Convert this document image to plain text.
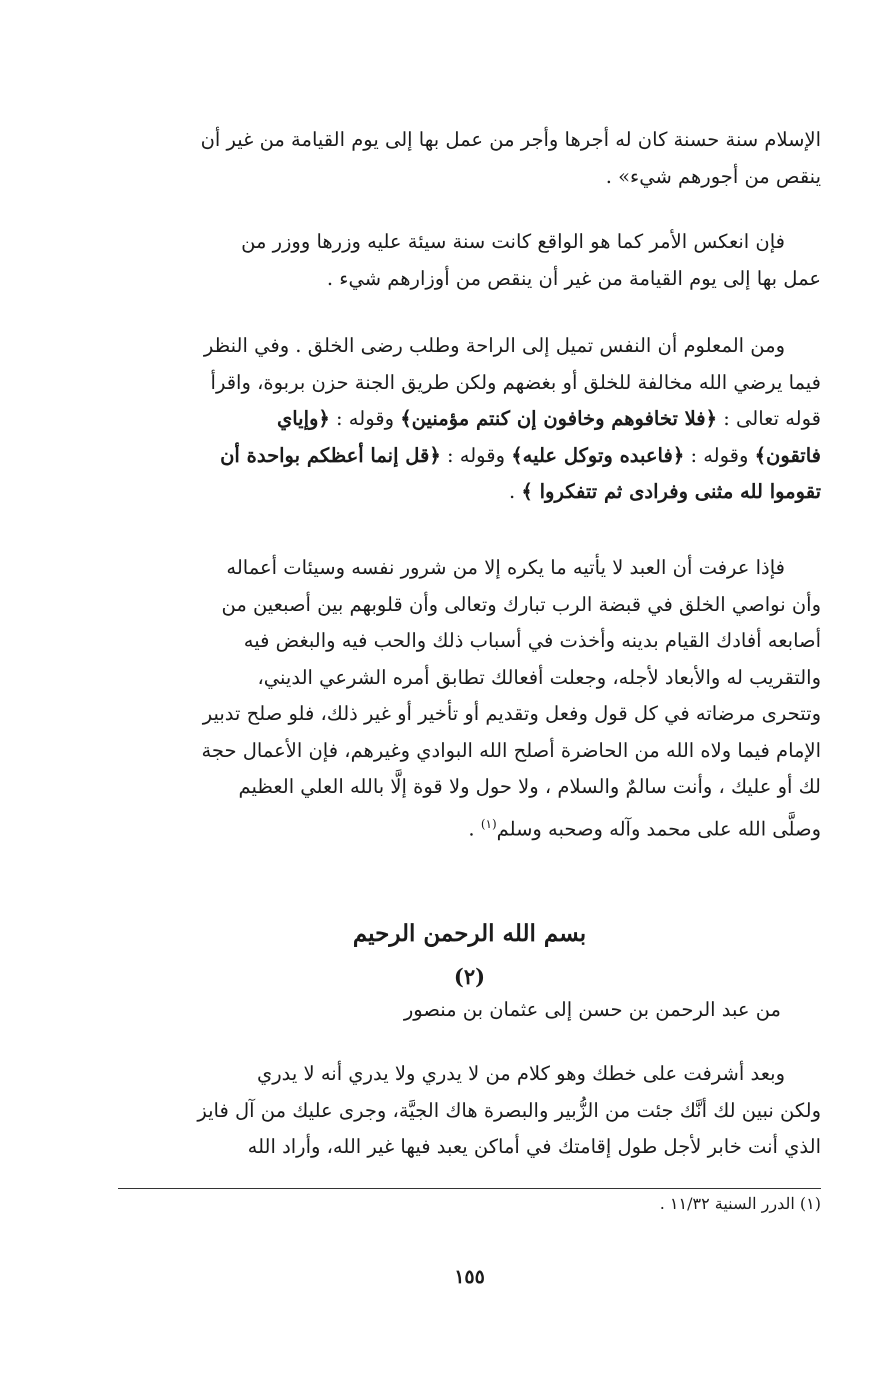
الإسلام سنة حسنة كان له أجرها وأجر من عمل بها إلى يوم القيامة من غير أن
ينقص من أجورهم شيء» .

فإن انعكس الأمر كما هو الواقع كانت سنة سيئة عليه وزرها ووزر من
عمل بها إلى يوم القيامة من غير أن ينقص من أوزارهم شيء .

ومن المعلوم أن النفس تميل إلى الراحة وطلب رضى الخلق . وفي النظر
فيما يرضي الله مخالفة للخلق أو بغضهم ولكن طريق الجنة حزن بربوة، واقرأ
قوله تعالى : ﴿فلا تخافوهم وخافون إن كنتم مؤمنين﴾ وقوله : ﴿وإياي
فاتقون﴾ وقوله : ﴿فاعبده وتوكل عليه﴾ وقوله : ﴿قل إنما أعظكم بواحدة أن
تقوموا لله مثنى وفرادى ثم تتفكروا ﴾ .

فإذا عرفت أن العبد لا يأتيه ما يكره إلا من شرور نفسه وسيئات أعماله
وأن نواصي الخلق في قبضة الرب تبارك وتعالى وأن قلوبهم بين أصبعين من
أصابعه أفادك القيام بدينه وأخذت في أسباب ذلك والحب فيه والبغض فيه
والتقريب له والأبعاد لأجله، وجعلت أفعالك تطابق أمره الشرعي الديني،
وتتحرى مرضاته في كل قول وفعل وتقديم أو تأخير أو غير ذلك، فلو صلح تدبير
الإمام فيما ولاه الله من الحاضرة أصلح الله البوادي وغيرهم، فإن الأعمال حجة
لك أو عليك ، وأنت سالمٌ والسلام ، ولا حول ولا قوة إلَّا بالله العلي العظيم
وصلَّى الله على محمد وآله وصحبه وسلم$^{(١)}$ .

بسم الله الرحمن الرحيم

(٢)

من عبد الرحمن بن حسن إلى عثمان بن منصور

وبعد أشرفت على خطك وهو كلام من لا يدري ولا يدري أنه لا يدري
ولكن نبين لك أنَّك جئت من الزُّبير والبصرة هاك الجيَّة، وجرى عليك من آل فايز
الذي أنت خابر لأجل طول إقامتك في أماكن يعبد فيها غير الله، وأراد الله

(١) الدرر السنية ١١/٣٢ .

١٥٥
